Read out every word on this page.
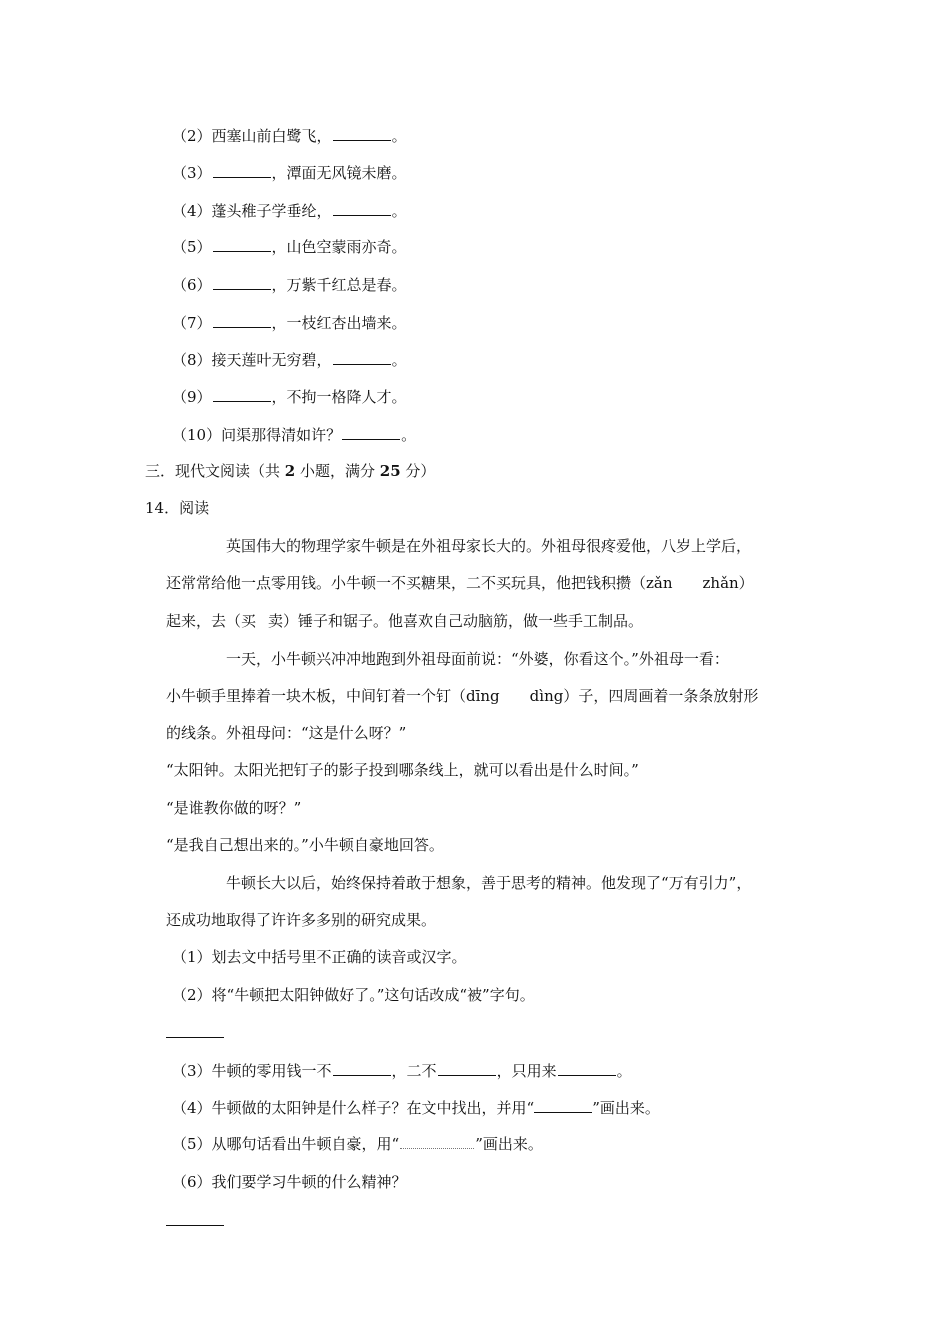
（2）西塞山前白鹭飞，	。
（3）	，潭面无风镜未磨。
（4）蓬头稚子学垂纶，	。
（5）	，山色空蒙雨亦奇。
（6）	，万紫千红总是春。
（7）	，一枝红杏出墙来。
（8）接天莲叶无穷碧，	。
（9）	，不拘一格降人才。
（10）问渠那得清如许？	。
三．现代文阅读（共 2 小题，满分 25 分）
14．阅读
英国伟大的物理学家牛顿是在外祖母家长大的。外祖母很疼爱他，八岁上学后，
还常常给他一点零用钱。小牛顿一不买糖果，二不买玩具，他把钱积攒（zǎn zhǎn）
起来，去（买 卖）锤子和锯子。他喜欢自己动脑筋，做一些手工制品。
一天，小牛顿兴冲冲地跑到外祖母面前说：“外婆，你看这个。”外祖母一看：
小牛顿手里捧着一块木板，中间钉着一个钉（dīng dìng）子，四周画着一条条放射形
的线条。外祖母问：“这是什么呀？”
“太阳钟。太阳光把钉子的影子投到哪条线上，就可以看出是什么时间。”
“是谁教你做的呀？”
“是我自己想出来的。”小牛顿自豪地回答。
牛顿长大以后，始终保持着敢于想象，善于思考的精神。他发现了“万有引力”，
还成功地取得了许许多多别的研究成果。
（1）划去文中括号里不正确的读音或汉字。
（2）将“牛顿把太阳钟做好了。”这句话改成“被”字句。
（3）牛顿的零用钱一不	，二不	，只用来	。
（4）牛顿做的太阳钟是什么样子？在文中找出，并用“	”画出来。
（5）从哪句话看出牛顿自豪，用“	”画出来。
（6）我们要学习牛顿的什么精神？
